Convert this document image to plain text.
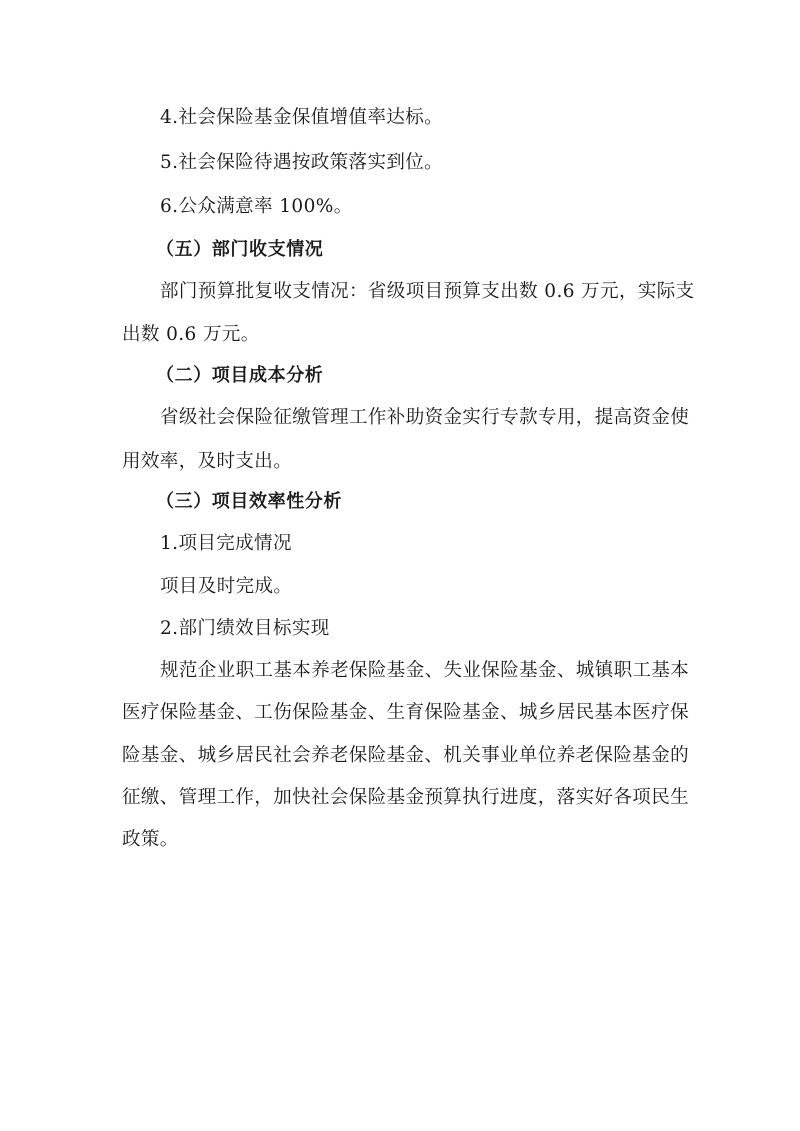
4.社会保险基金保值增值率达标。
5.社会保险待遇按政策落实到位。
6.公众满意率 100%。
（五）部门收支情况
部门预算批复收支情况：省级项目预算支出数 0.6 万元，实际支
出数 0.6 万元。
（二）项目成本分析
省级社会保险征缴管理工作补助资金实行专款专用，提高资金使
用效率，及时支出。
（三）项目效率性分析
1.项目完成情况
项目及时完成。
2.部门绩效目标实现
规范企业职工基本养老保险基金、失业保险基金、城镇职工基本
医疗保险基金、工伤保险基金、生育保险基金、城乡居民基本医疗保
险基金、城乡居民社会养老保险基金、机关事业单位养老保险基金的
征缴、管理工作，加快社会保险基金预算执行进度，落实好各项民生
政策。
